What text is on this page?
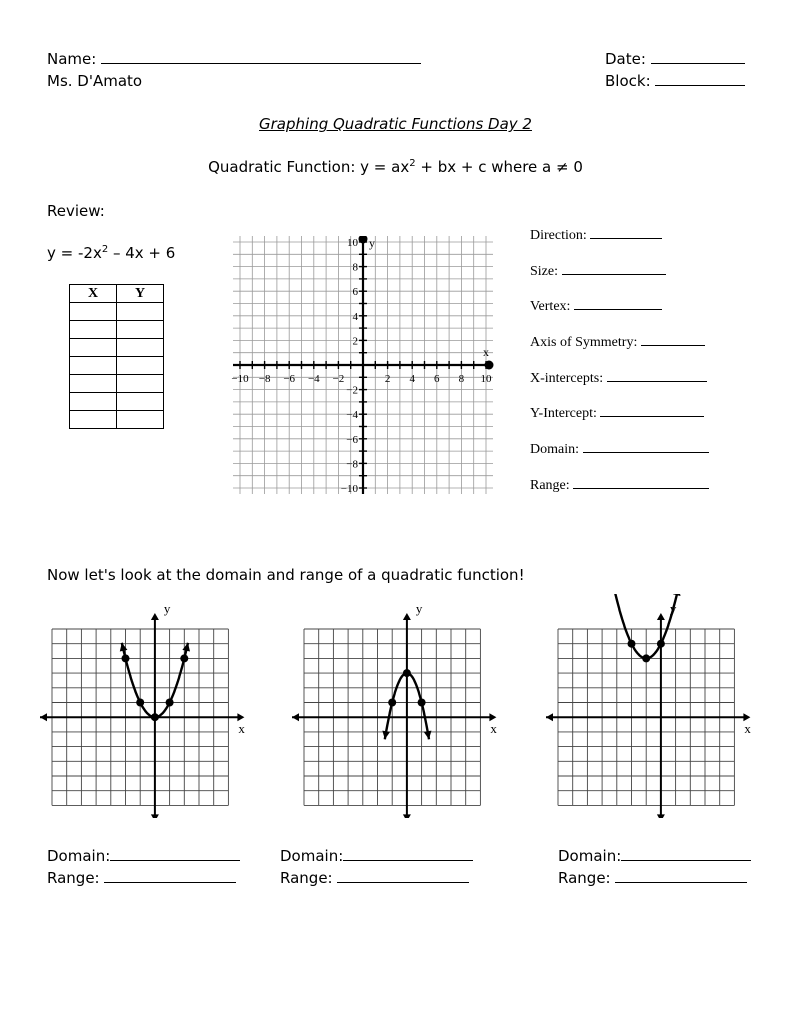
Name:
Ms. D'Amato
Date:
Block:
Graphing Quadratic Functions Day 2
Quadratic Function: $y = ax^2$ + bx + c where a ≠ 0
Review:
$y = -2x^2 - 4x + 6$
X	Y

−10 −8 −6 −4 −2	2 4 6 8 10
10
8
6
4
2
−2
−4
−6
−8
−10
x
y	Direction:
Size:
Vertex:
Axis of Symmetry:
X-intercepts:
Y-Intercept:
Domain:
Range:
Now let's look at the domain and range of a quadratic function!
x
y
x
y
x
y
Domain:
Range:
Domain:
Range:
Domain:
Range:
